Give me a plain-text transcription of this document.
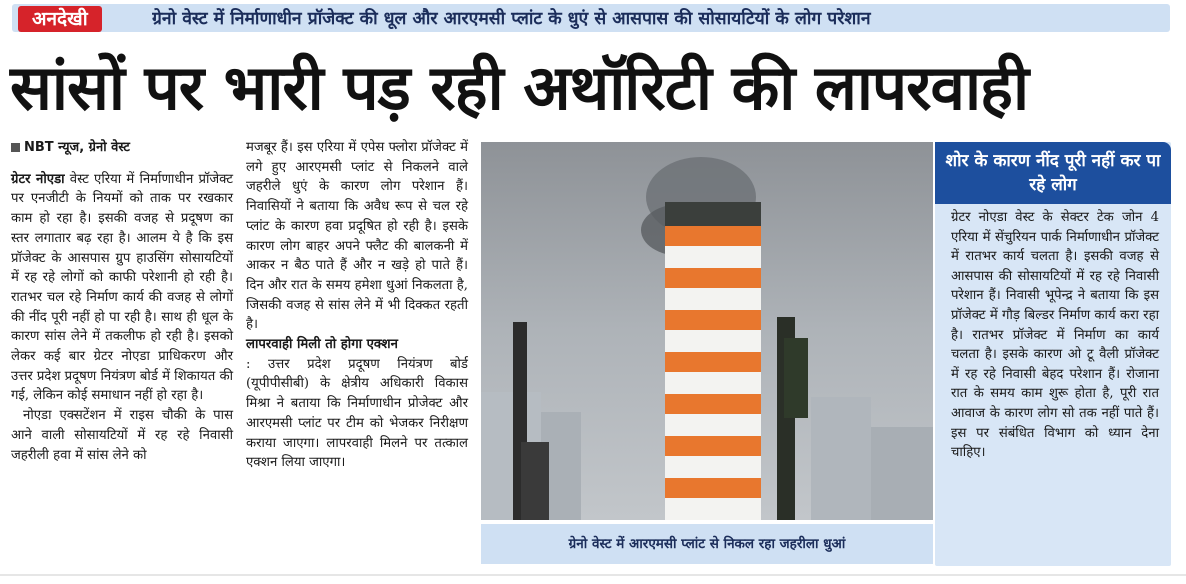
अनदेखी	ग्रेनो वेस्ट में निर्माणाधीन प्रॉजेक्ट की धूल और आरएमसी प्लांट के धुएं से आसपास की सोसायटियों के लोग परेशान
सांसों पर भारी पड़ रही अथॉरिटी की लापरवाही
NBT न्यूज, ग्रेनो वेस्ट

ग्रेटर नोएडा वेस्ट एरिया में निर्माणाधीन प्रॉजेक्ट पर एनजीटी के नियमों को ताक पर रखकार काम हो रहा है। इसकी वजह से प्रदूषण का स्तर लगातार बढ़ रहा है। आलम ये है कि इस प्रॉजेक्ट के आसपास ग्रुप हाउसिंग सोसायटियों में रह रहे लोगों को काफी परेशानी हो रही है। रातभर चल रहे निर्माण कार्य की वजह से लोगों की नींद पूरी नहीं हो पा रही है। साथ ही धूल के कारण सांस लेने में तकलीफ हो रही है। इसको लेकर कई बार ग्रेटर नोएडा प्राधिकरण और उत्तर प्रदेश प्रदूषण नियंत्रण बोर्ड में शिकायत की गई, लेकिन कोई समाधान नहीं हो रहा है।

नोएडा एक्सटेंशन में राइस चौकी के पास आने वाली सोसायटियों में रह रहे निवासी जहरीली हवा में सांस लेने को

मजबूर हैं। इस एरिया में एपेस फ्लोरा प्रॉजेक्ट में लगे हुए आरएमसी प्लांट से निकलने वाले जहरीले धुएं के कारण लोग परेशान हैं। निवासियों ने बताया कि अवैध रूप से चल रहे प्लांट के कारण हवा प्रदूषित हो रही है। इसके कारण लोग बाहर अपने फ्लैट की बालकनी में आकर न बैठ पाते हैं और न खड़े हो पाते हैं। दिन और रात के समय हमेशा धुआं निकलता है, जिसकी वजह से सांस लेने में भी दिक्कत रहती है।

लापरवाही मिली तो होगा एक्शन

: उत्तर प्रदेश प्रदूषण नियंत्रण बोर्ड (यूपीपीसीबी) के क्षेत्रीय अधिकारी विकास मिश्रा ने बताया कि निर्माणाधीन प्रोजेक्ट और आरएमसी प्लांट पर टीम को भेजकर निरीक्षण कराया जाएगा। लापरवाही मिलने पर तत्काल एक्शन लिया जाएगा।

ग्रेनो वेस्ट में आरएमसी प्लांट से निकल रहा जहरीला धुआं
शोर के कारण नींद पूरी नहीं कर पा रहे लोग
ग्रेटर नोएडा वेस्ट के सेक्टर टेक जोन 4 एरिया में सेंचुरियन पार्क निर्माणाधीन प्रॉजेक्ट में रातभर कार्य चलता है। इसकी वजह से आसपास की सोसायटियों में रह रहे निवासी परेशान हैं। निवासी भूपेन्द्र ने बताया कि इस प्रॉजेक्ट में गौड़ बिल्डर निर्माण कार्य करा रहा है। रातभर प्रॉजेक्ट में निर्माण का कार्य चलता है। इसके कारण ओ टू वैली प्रॉजेक्ट में रह रहे निवासी बेहद परेशान हैं। रोजाना रात के समय काम शुरू होता है, पूरी रात आवाज के कारण लोग सो तक नहीं पाते हैं। इस पर संबंधित विभाग को ध्यान देना चाहिए।
